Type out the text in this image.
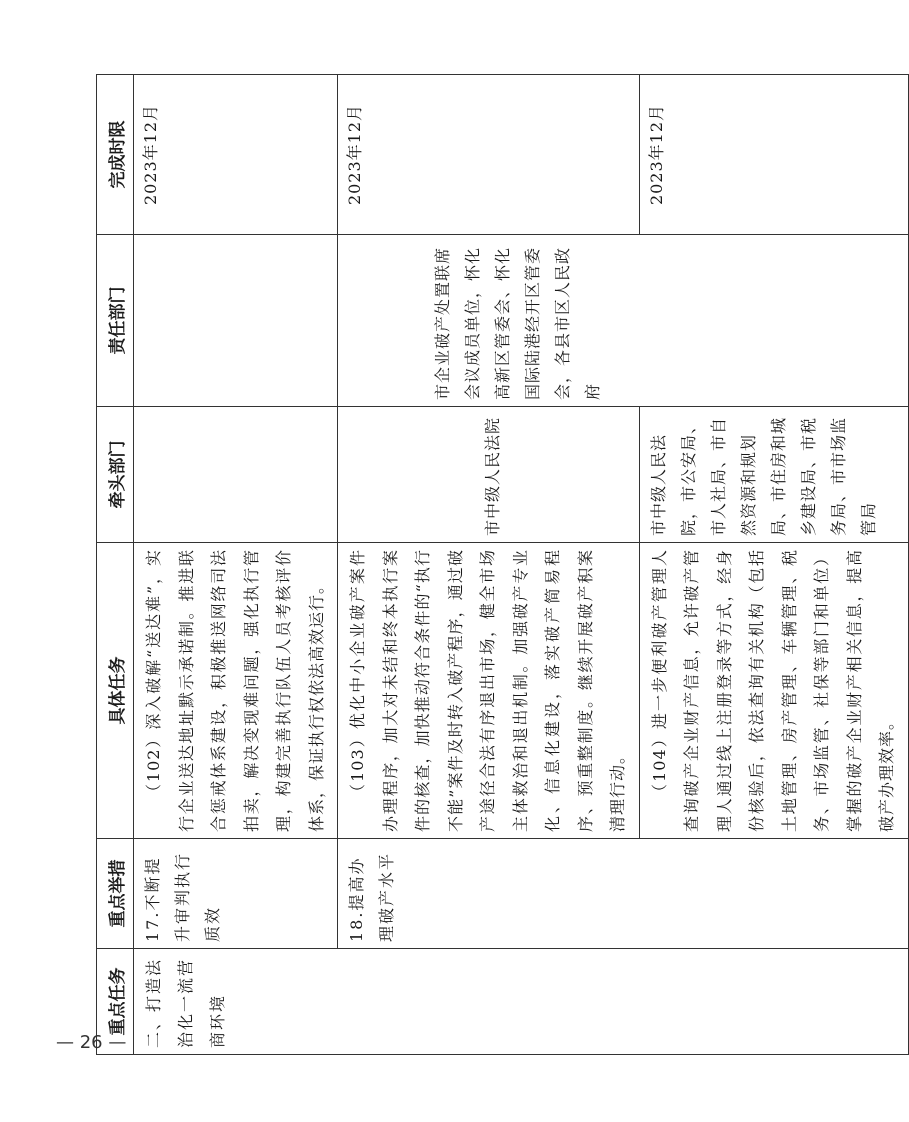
重点任务	重点举措	具体任务	牵头部门	责任部门	完成时限
二、打造法治化一流营商环境	17.不断提升审判执行质效	（102）深入破解“送达难”，实行企业送达地址默示承诺制。推进联合惩戒体系建设，积极推送网络司法拍卖，解决变现难问题，强化执行管理，构建完善执行队伍人员考核评价体系，保证执行权依法高效运行。			2023年12月
	18.提高办理破产水平	（103）优化中小企业破产案件办理程序，加大对未结和终本执行案件的核查，加快推动符合条件的“执行不能”案件及时转入破产程序，通过破产途径合法有序退出市场，健全市场主体救治和退出机制。加强破产专业化、信息化建设，落实破产简易程序、预重整制度。继续开展破产积案清理行动。	市中级人民法院	市企业破产处置联席会议成员单位，怀化高新区管委会、怀化国际陆港经开区管委会，各县市区人民政府	2023年12月

		（104）进一步便利破产管理人查询破产企业财产信息，允许破产管理人通过线上注册登录等方式，经身份核验后，依法查询有关机构（包括土地管理、房产管理、车辆管理、税务、市场监管、社保等部门和单位）掌握的破产企业财产相关信息，提高破产办理效率。	市中级人民法院，市公安局、市人社局、市自然资源和规划局、市住房和城乡建设局、市税务局、市市场监管局		2023年12月
— 26 —
